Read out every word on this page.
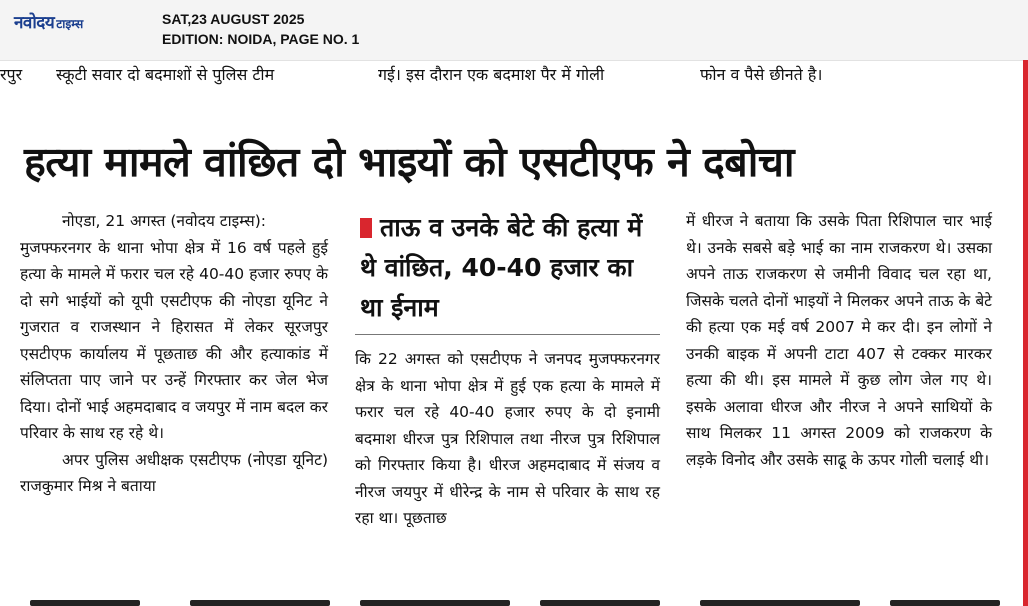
नवोदय टाइम्स	SAT,23 AUGUST 2025
EDITION: NOIDA, PAGE NO. 1
रपुर स्कूटी सवार दो बदमाशों से पुलिस टीम	गई। इस दौरान एक बदमाश पैर में गोली	फोन व पैसे छीनते है।
हत्या मामले वांछित दो भाइयों को एसटीएफ ने दबोचा

नोएडा, 21 अगस्त (नवोदय टाइम्स):

मुजफ्फरनगर के थाना भोपा क्षेत्र में 16 वर्ष पहले हुई हत्या के मामले में फरार चल रहे 40-40 हजार रुपए के दो सगे भाईयों को यूपी एसटीएफ की नोएडा यूनिट ने गुजरात व राजस्थान ने हिरासत में लेकर सूरजपुर एसटीएफ कार्यालय में पूछताछ की और हत्याकांड में संलिप्तता पाए जाने पर उन्हें गिरफ्तार कर जेल भेज दिया। दोनों भाई अहमदाबाद व जयपुर में नाम बदल कर परिवार के साथ रह रहे थे।

अपर पुलिस अधीक्षक एसटीएफ (नोएडा यूनिट) राजकुमार मिश्र ने बताया

ताऊ व उनके बेटे की हत्या में थे वांछित, 40-40 हजार का था ईनाम

कि 22 अगस्त को एसटीएफ ने जनपद मुजफ्फरनगर क्षेत्र के थाना भोपा क्षेत्र में हुई एक हत्या के मामले में फरार चल रहे 40-40 हजार रुपए के दो इनामी बदमाश धीरज पुत्र रिशिपाल तथा नीरज पुत्र रिशिपाल को गिरफ्तार किया है। धीरज अहमदाबाद में संजय व नीरज जयपुर में धीरेन्द्र के नाम से परिवार के साथ रह रहा था। पूछताछ

में धीरज ने बताया कि उसके पिता रिशिपाल चार भाई थे। उनके सबसे बड़े भाई का नाम राजकरण थे। उसका अपने ताऊ राजकरण से जमीनी विवाद चल रहा था, जिसके चलते दोनों भाइयों ने मिलकर अपने ताऊ के बेटे की हत्या एक मई वर्ष 2007 मे कर दी। इन लोगों ने उनकी बाइक में अपनी टाटा 407 से टक्कर मारकर हत्या की थी। इस मामले में कुछ लोग जेल गए थे। इसके अलावा धीरज और नीरज ने अपने साथियों के साथ मिलकर 11 अगस्त 2009 को राजकरण के लड़के विनोद और उसके साढू के ऊपर गोली चलाई थी।
